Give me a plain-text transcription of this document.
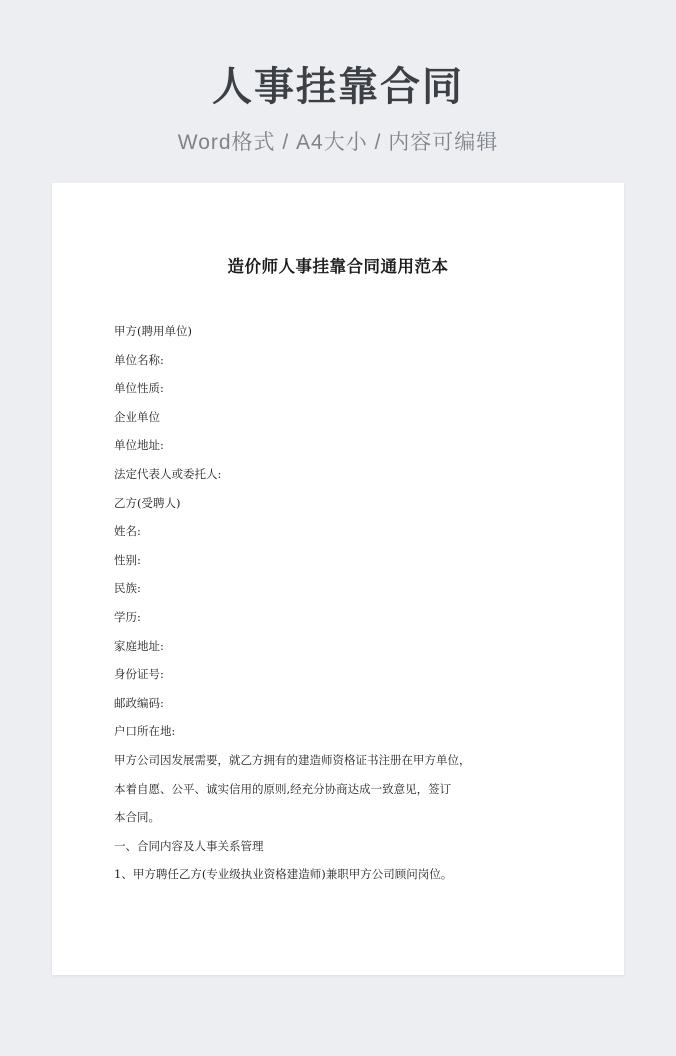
人事挂靠合同
Word格式 / A4大小 / 内容可编辑
造价师人事挂靠合同通用范本

甲方(聘用单位)

单位名称:

单位性质:

企业单位

单位地址:

法定代表人或委托人:

乙方(受聘人)

姓名:

性别:

民族:

学历:

家庭地址:

身份证号:

邮政编码:

户口所在地:

甲方公司因发展需要，就乙方拥有的建造师资格证书注册在甲方单位，

本着自愿、公平、诚实信用的原则,经充分协商达成一致意见，签订

本合同。

一、合同内容及人事关系管理

1、甲方聘任乙方(专业级执业资格建造师)兼职甲方公司顾问岗位。
